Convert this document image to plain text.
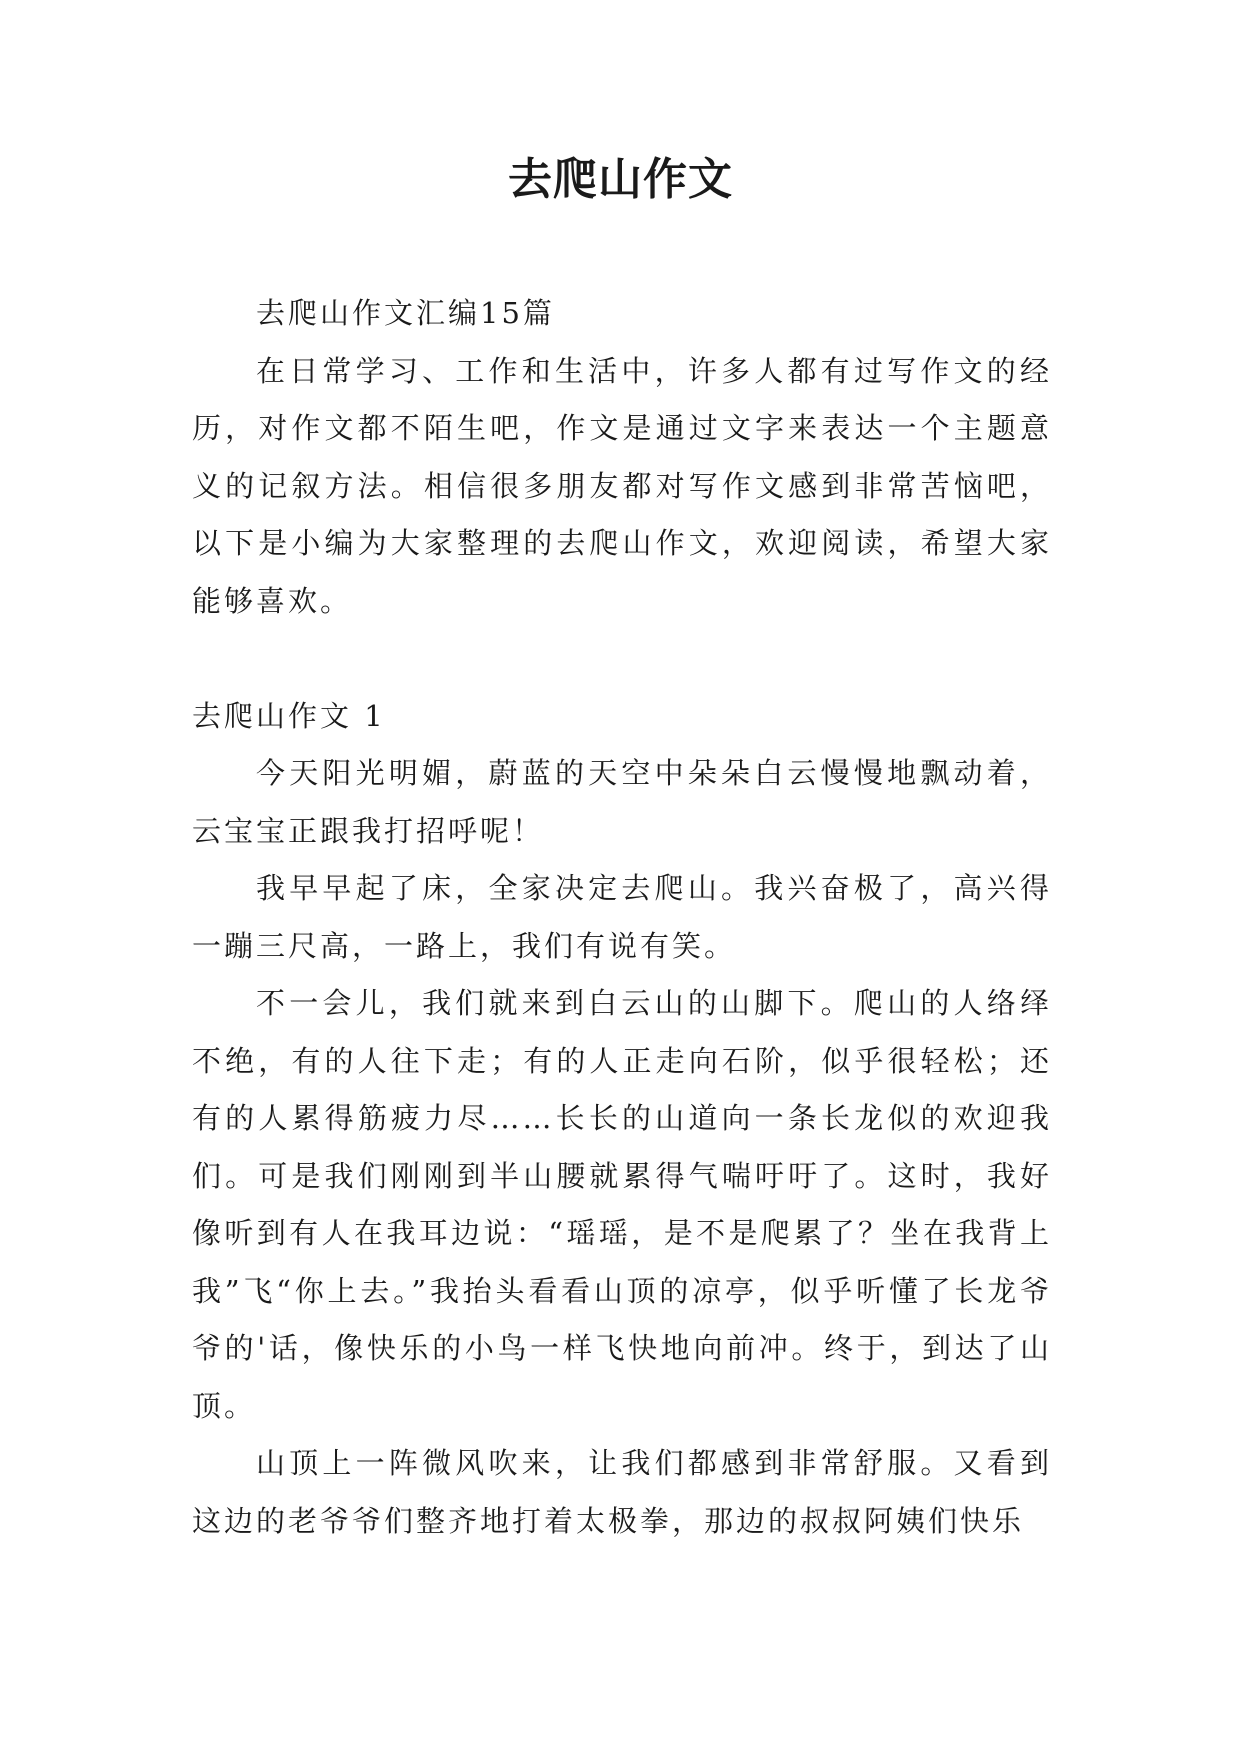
去爬山作文

去爬山作文汇编15篇

在日常学习、工作和生活中，许多人都有过写作文的经历，对作文都不陌生吧，作文是通过文字来表达一个主题意义的记叙方法。相信很多朋友都对写作文感到非常苦恼吧，以下是小编为大家整理的去爬山作文，欢迎阅读，希望大家能够喜欢。

去爬山作文 1

今天阳光明媚，蔚蓝的天空中朵朵白云慢慢地飘动着，云宝宝正跟我打招呼呢！

我早早起了床，全家决定去爬山。我兴奋极了，高兴得一蹦三尺高，一路上，我们有说有笑。

不一会儿，我们就来到白云山的山脚下。爬山的人络绎不绝，有的人往下走；有的人正走向石阶，似乎很轻松；还有的人累得筋疲力尽……长长的山道向一条长龙似的欢迎我们。可是我们刚刚到半山腰就累得气喘吁吁了。这时，我好像听到有人在我耳边说：“瑶瑶，是不是爬累了？坐在我背上我”飞“你上去。”我抬头看看山顶的凉亭，似乎听懂了长龙爷爷的'话，像快乐的小鸟一样飞快地向前冲。终于，到达了山顶。

山顶上一阵微风吹来，让我们都感到非常舒服。又看到这边的老爷爷们整齐地打着太极拳，那边的叔叔阿姨们快乐
